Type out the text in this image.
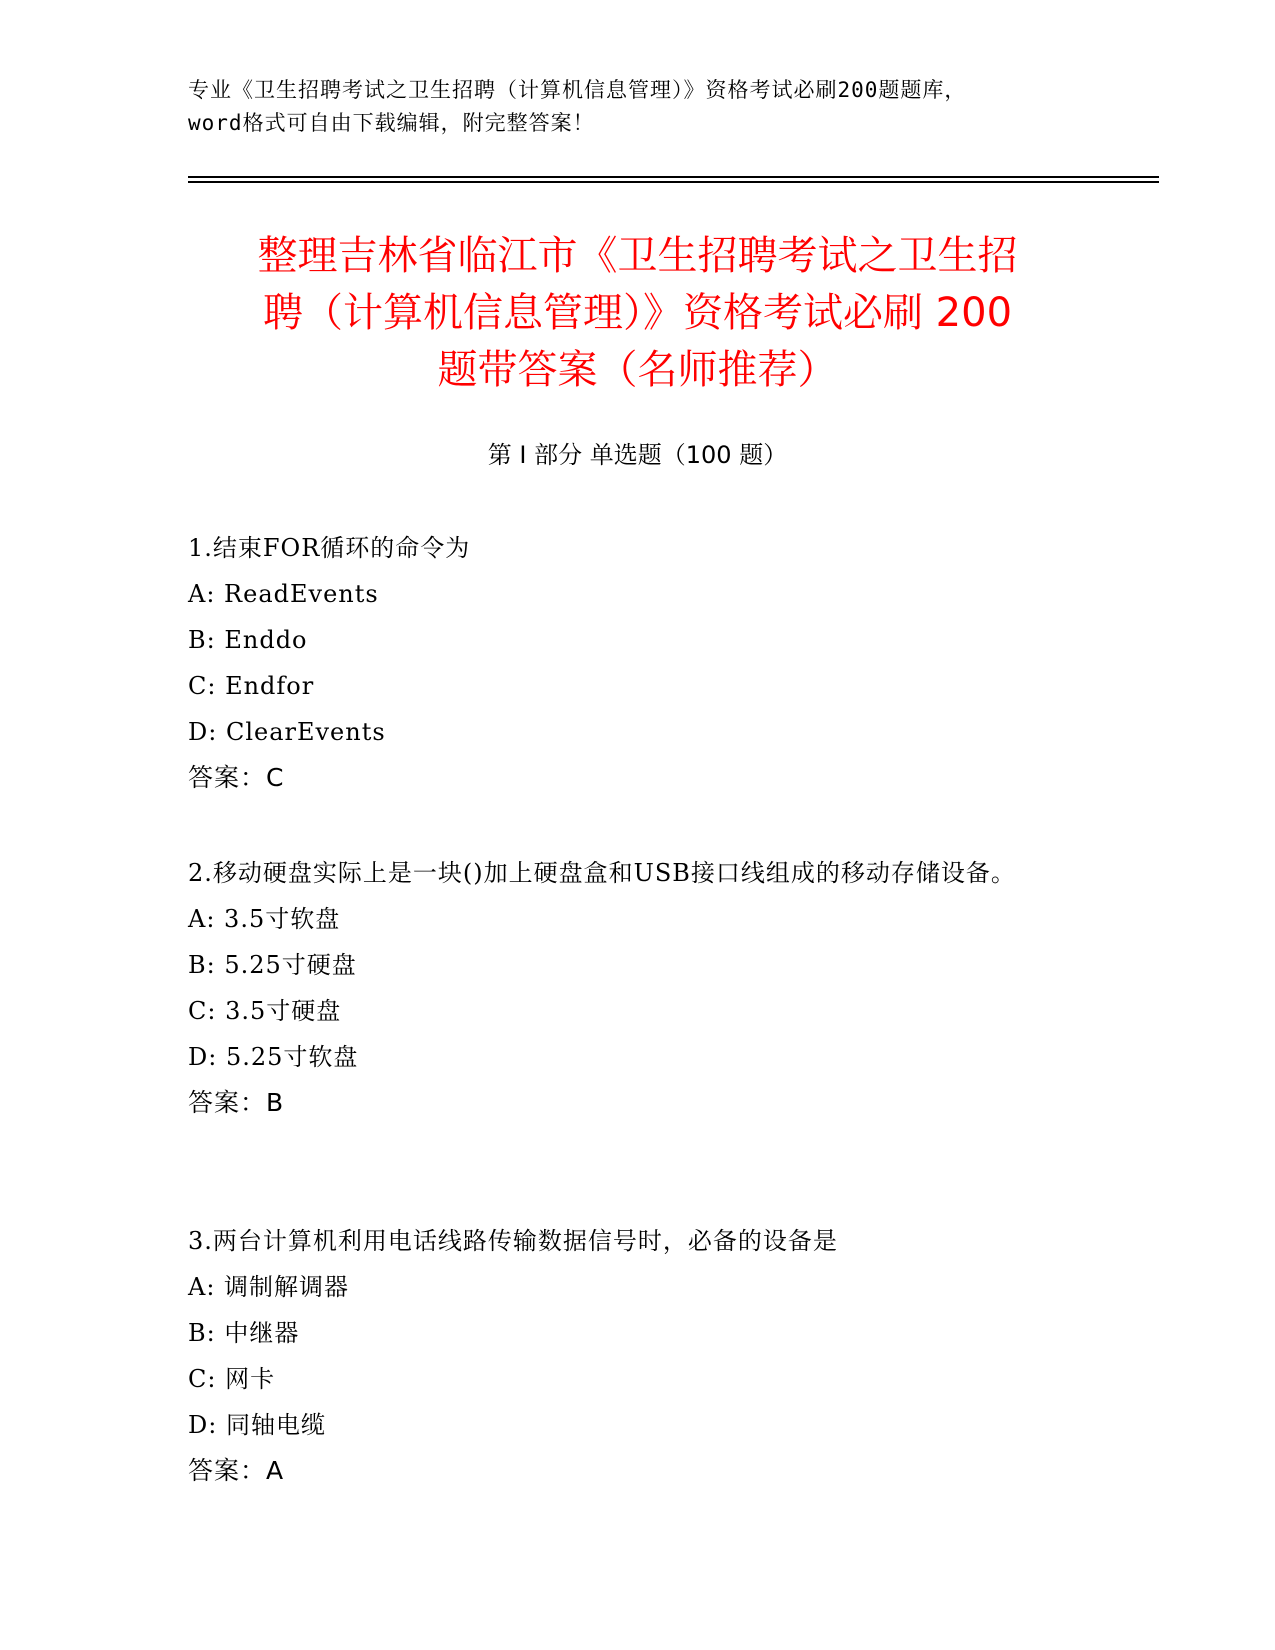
专业《卫生招聘考试之卫生招聘（计算机信息管理）》资格考试必刷200题题库，
word格式可自由下载编辑，附完整答案！
整理吉林省临江市《卫生招聘考试之卫生招
聘（计算机信息管理）》资格考试必刷 200
题带答案（名师推荐）
第 I 部分 单选题（100 题）

1.结束FOR循环的命令为

A: ReadEvents

B: Enddo

C: Endfor

D: ClearEvents

答案：C

2.移动硬盘实际上是一块()加上硬盘盒和USB接口线组成的移动存储设备。

A: 3.5寸软盘

B: 5.25寸硬盘

C: 3.5寸硬盘

D: 5.25寸软盘

答案：B

3.两台计算机利用电话线路传输数据信号时，必备的设备是

A: 调制解调器

B: 中继器

C: 网卡

D: 同轴电缆

答案：A
